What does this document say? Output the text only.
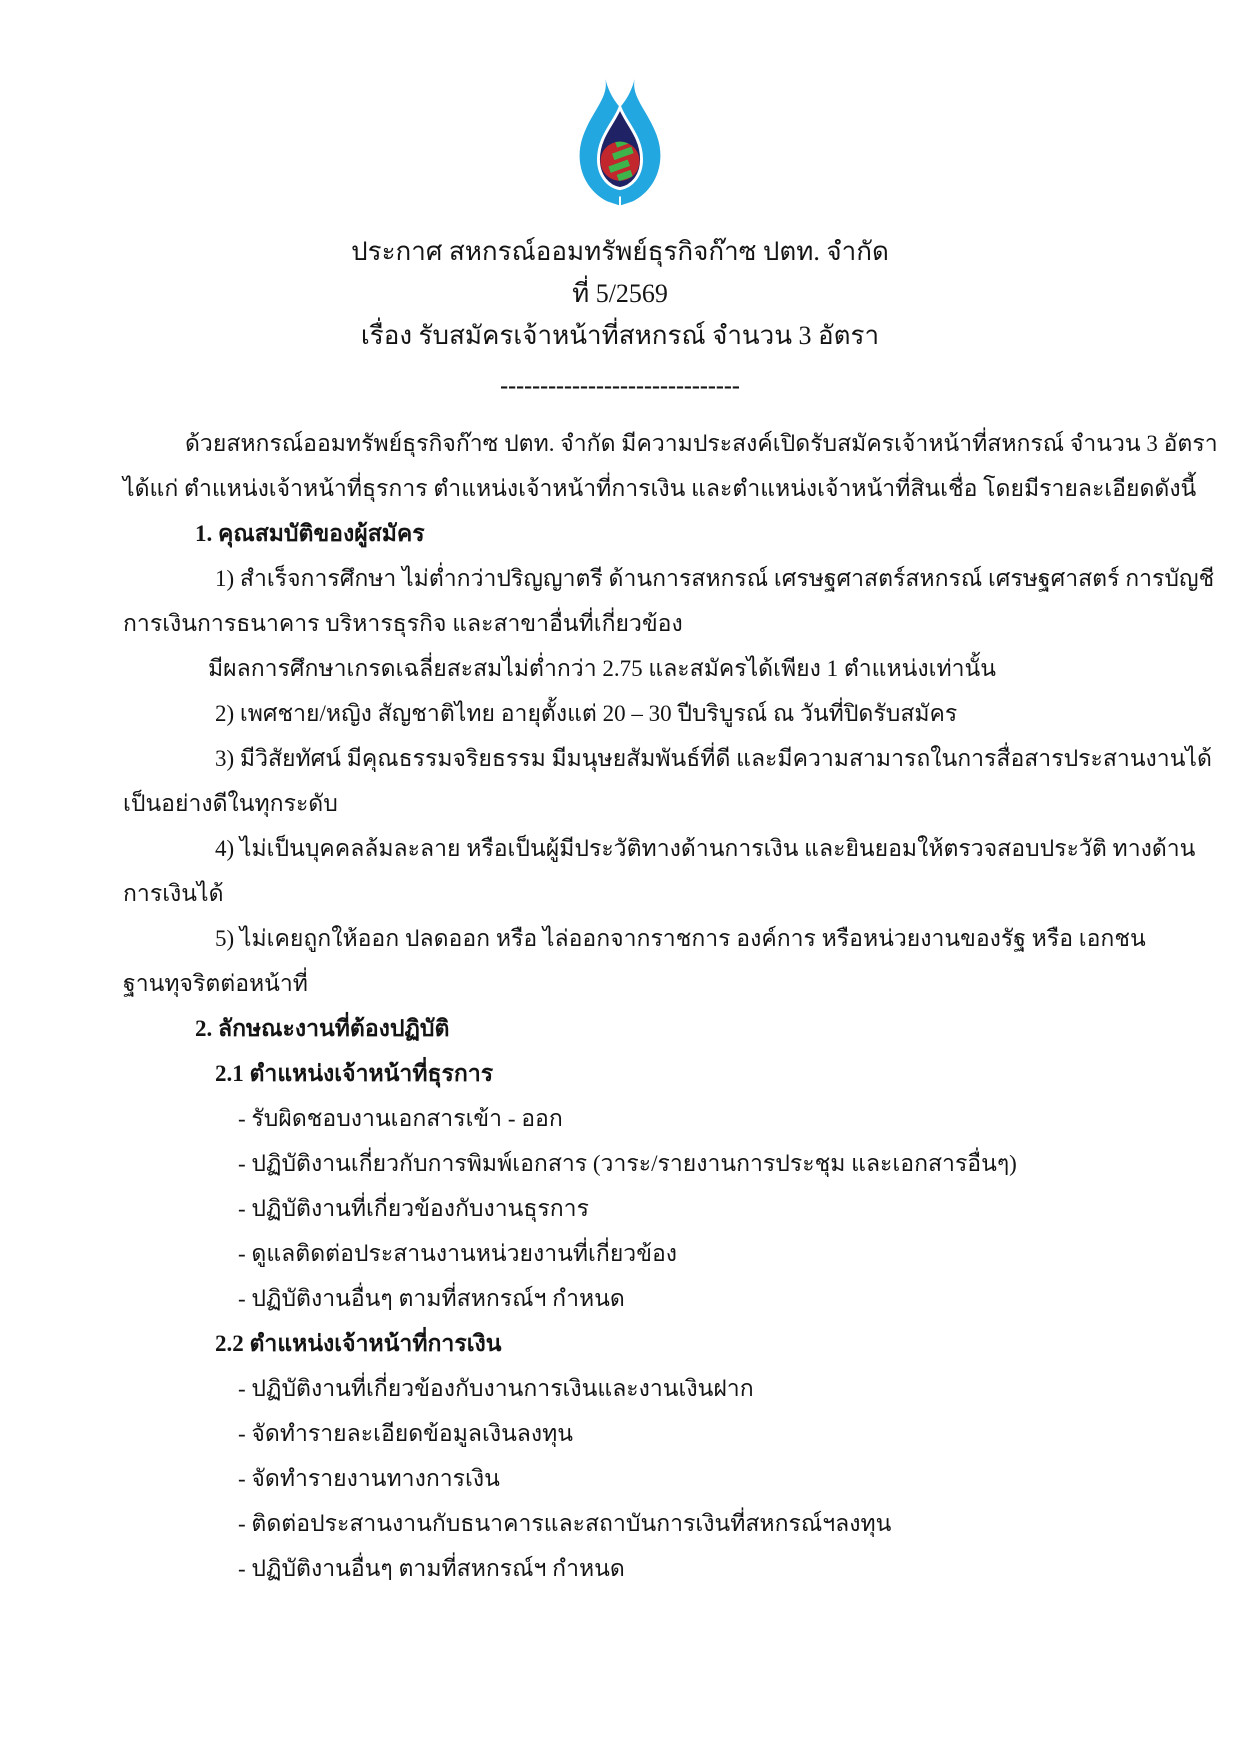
ประกาศ สหกรณ์ออมทรัพย์ธุรกิจก๊าซ ปตท. จำกัด
ที่ 5/2569
เรื่อง รับสมัครเจ้าหน้าที่สหกรณ์ จำนวน 3 อัตรา
------------------------------
ด้วยสหกรณ์ออมทรัพย์ธุรกิจก๊าซ ปตท. จำกัด มีความประสงค์เปิดรับสมัครเจ้าหน้าที่สหกรณ์ จำนวน 3 อัตรา
ได้แก่ ตำแหน่งเจ้าหน้าที่ธุรการ ตำแหน่งเจ้าหน้าที่การเงิน และตำแหน่งเจ้าหน้าที่สินเชื่อ โดยมีรายละเอียดดังนี้
1. คุณสมบัติของผู้สมัคร
1) สำเร็จการศึกษา ไม่ต่ำกว่าปริญญาตรี ด้านการสหกรณ์ เศรษฐศาสตร์สหกรณ์ เศรษฐศาสตร์ การบัญชี
การเงินการธนาคาร บริหารธุรกิจ และสาขาอื่นที่เกี่ยวข้อง
มีผลการศึกษาเกรดเฉลี่ยสะสมไม่ต่ำกว่า 2.75 และสมัครได้เพียง 1 ตำแหน่งเท่านั้น
2) เพศชาย/หญิง สัญชาติไทย อายุตั้งแต่ 20 – 30 ปีบริบูรณ์ ณ วันที่ปิดรับสมัคร
3) มีวิสัยทัศน์ มีคุณธรรมจริยธรรม มีมนุษยสัมพันธ์ที่ดี และมีความสามารถในการสื่อสารประสานงานได้
เป็นอย่างดีในทุกระดับ
4) ไม่เป็นบุคคลล้มละลาย หรือเป็นผู้มีประวัติทางด้านการเงิน และยินยอมให้ตรวจสอบประวัติ ทางด้าน
การเงินได้
5) ไม่เคยถูกให้ออก ปลดออก หรือ ไล่ออกจากราชการ องค์การ หรือหน่วยงานของรัฐ หรือ เอกชน
ฐานทุจริตต่อหน้าที่
2. ลักษณะงานที่ต้องปฏิบัติ
2.1 ตำแหน่งเจ้าหน้าที่ธุรการ
- รับผิดชอบงานเอกสารเข้า - ออก
- ปฏิบัติงานเกี่ยวกับการพิมพ์เอกสาร (วาระ/รายงานการประชุม และเอกสารอื่นๆ)
- ปฏิบัติงานที่เกี่ยวข้องกับงานธุรการ
- ดูแลติดต่อประสานงานหน่วยงานที่เกี่ยวข้อง
- ปฏิบัติงานอื่นๆ ตามที่สหกรณ์ฯ กำหนด
2.2 ตำแหน่งเจ้าหน้าที่การเงิน
- ปฏิบัติงานที่เกี่ยวข้องกับงานการเงินและงานเงินฝาก
- จัดทำรายละเอียดข้อมูลเงินลงทุน
- จัดทำรายงานทางการเงิน
- ติดต่อประสานงานกับธนาคารและสถาบันการเงินที่สหกรณ์ฯลงทุน
- ปฏิบัติงานอื่นๆ ตามที่สหกรณ์ฯ กำหนด
